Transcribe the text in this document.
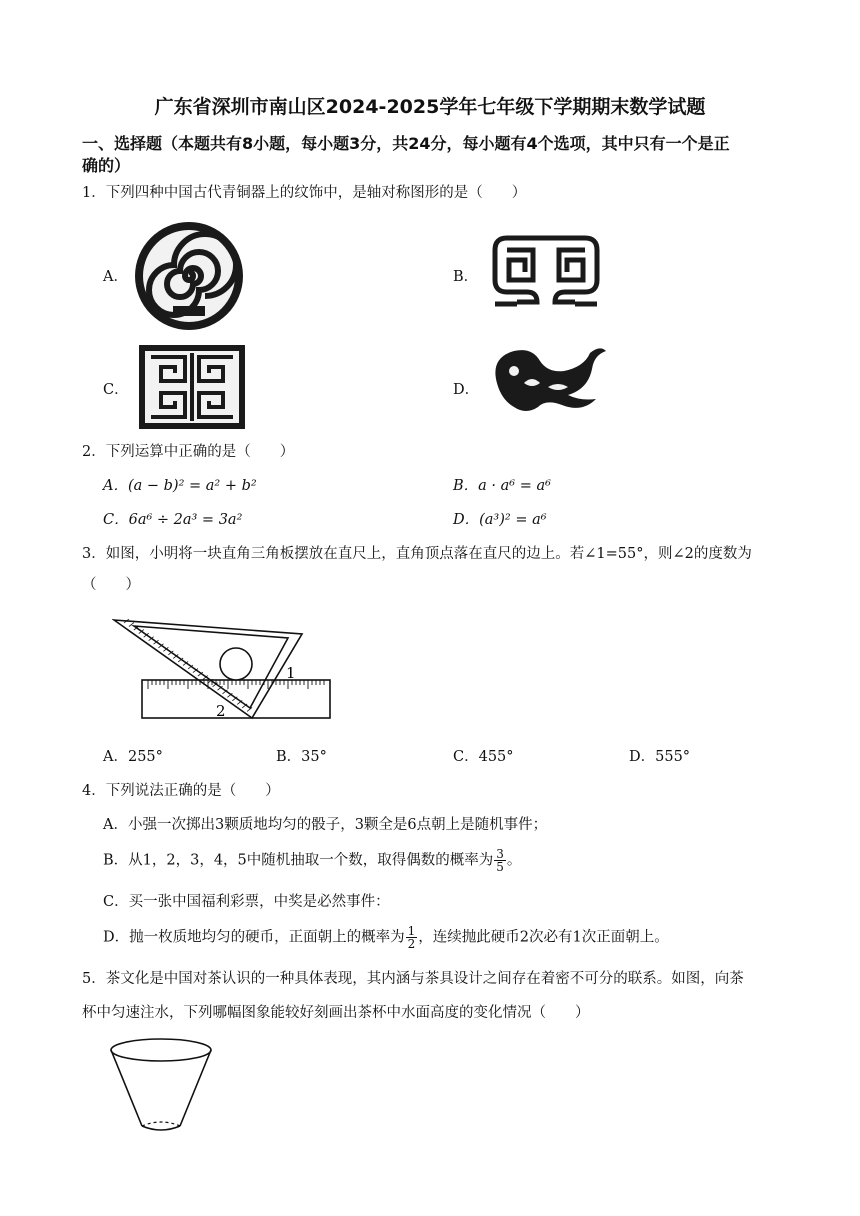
广东省深圳市南山区2024-2025学年七年级下学期期末数学试题
一、选择题（本题共有8小题，每小题3分，共24分，每小题有4个选项，其中只有一个是正
确的）
1．下列四种中国古代青铜器上的纹饰中，是轴对称图形的是（　　）
A．	B．
C．	D．
2．下列运算中正确的是（　　）
A．(a − b)² = a² + b²	B．a · a⁶ = a⁶
C．6a⁶ ÷ 2a³ = 3a²	D．(a³)² = a⁶
3．如图，小明将一块直角三角板摆放在直尺上，直角顶点落在直尺的边上。若∠1=55°，则∠2的度数为
（　　）
1
2
A．255°	B．35°	C．455°	D．555°
4．下列说法正确的是（　　）
A．小强一次掷出3颗质地均匀的骰子，3颗全是6点朝上是随机事件；
B．从1，2，3，4，5中随机抽取一个数，取得偶数的概率为 $\frac{3}{5}$ 。
C．买一张中国福利彩票，中奖是必然事件：
D．抛一枚质地均匀的硬币，正面朝上的概率为 $\frac{1}{2}$ ，连续抛此硬币2次必有1次正面朝上。
5．茶文化是中国对茶认识的一种具体表现，其内涵与茶具设计之间存在着密不可分的联系。如图，向茶
杯中匀速注水，下列哪幅图象能较好刻画出茶杯中水面高度的变化情况（　　）
